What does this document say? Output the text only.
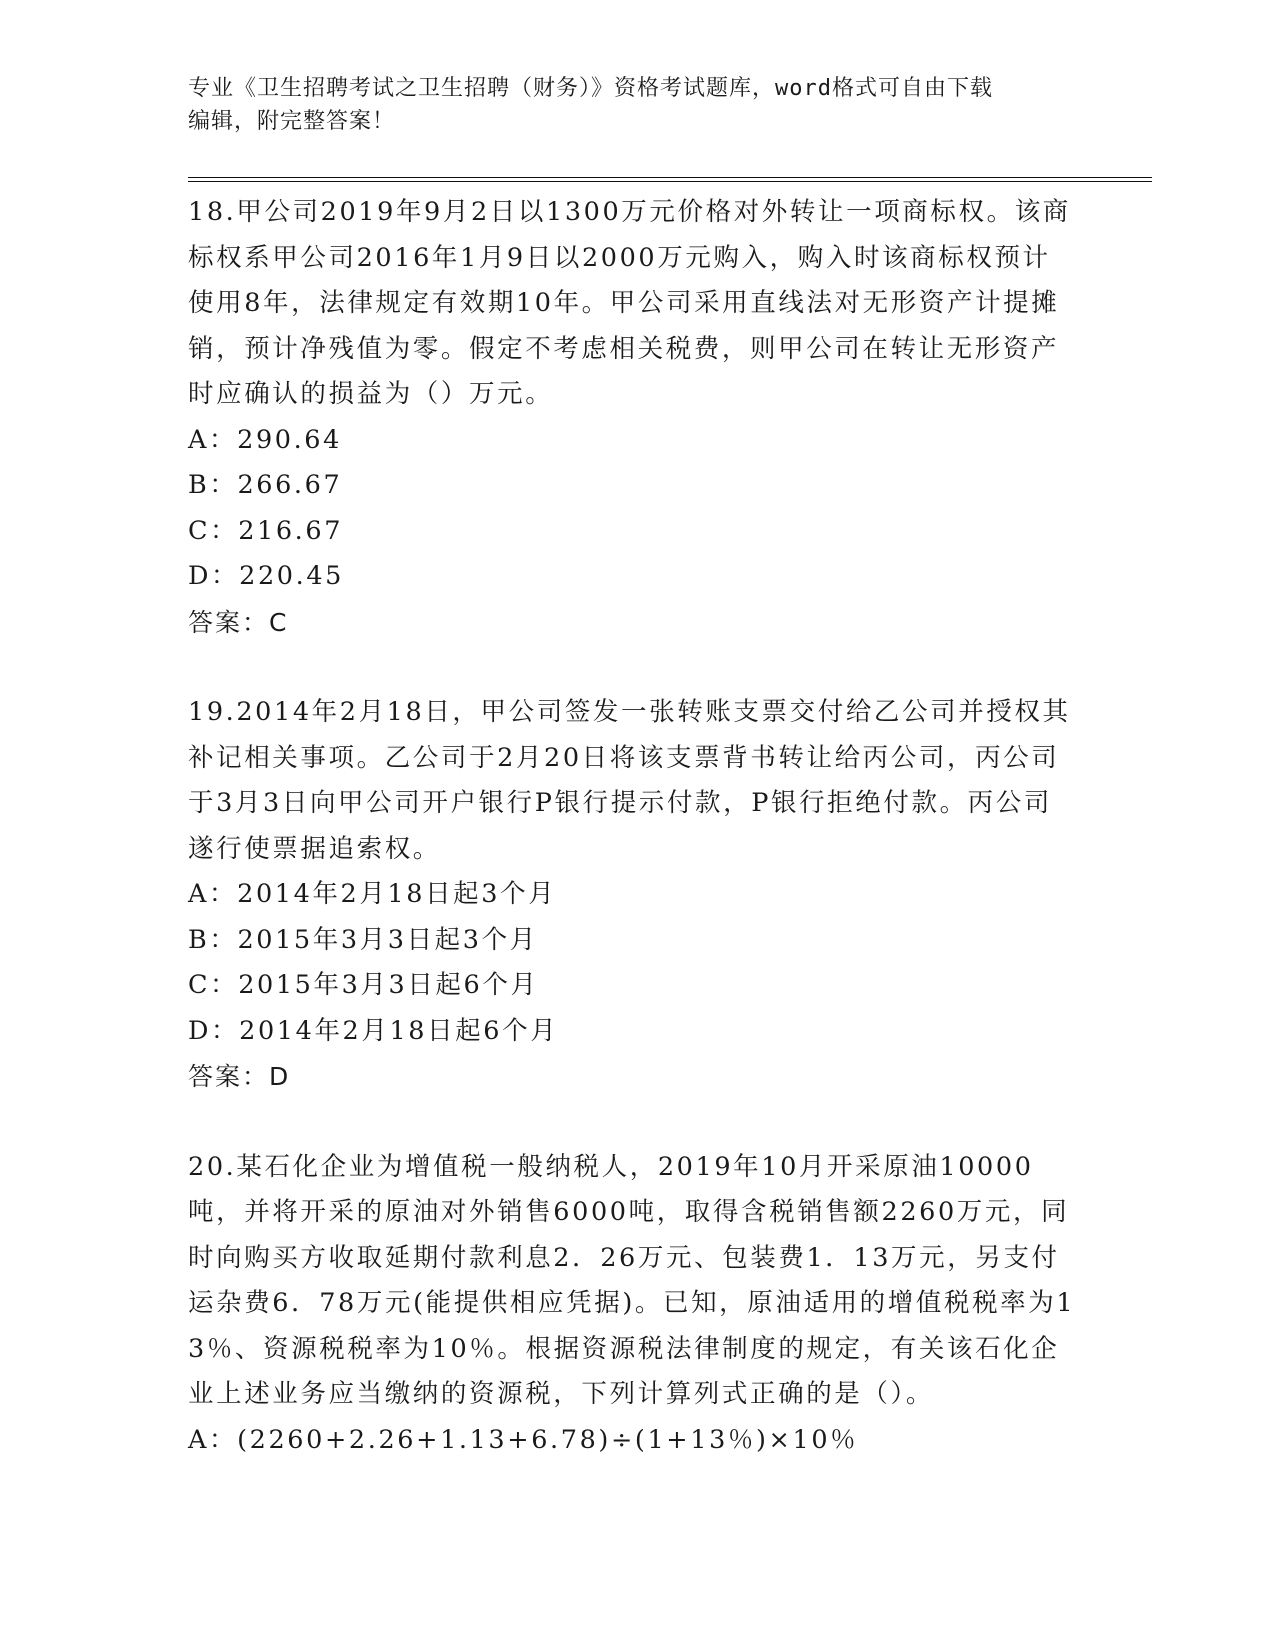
专业《卫生招聘考试之卫生招聘（财务）》资格考试题库，word格式可自由下载
编辑，附完整答案！

18.甲公司2019年9月2日以1300万元价格对外转让一项商标权。该商标权系甲公司2016年1月9日以2000万元购入，购入时该商标权预计使用8年，法律规定有效期10年。甲公司采用直线法对无形资产计提摊销，预计净残值为零。假定不考虑相关税费，则甲公司在转让无形资产时应确认的损益为（）万元。

A：290.64

B：266.67

C：216.67

D：220.45

答案：C

19.2014年2月18日，甲公司签发一张转账支票交付给乙公司并授权其补记相关事项。乙公司于2月20日将该支票背书转让给丙公司，丙公司于3月3日向甲公司开户银行P银行提示付款，P银行拒绝付款。丙公司遂行使票据追索权。

A：2014年2月18日起3个月

B：2015年3月3日起3个月

C：2015年3月3日起6个月

D：2014年2月18日起6个月

答案：D

20.某石化企业为增值税一般纳税人，2019年10月开采原油10000吨，并将开采的原油对外销售6000吨，取得含税销售额2260万元，同时向购买方收取延期付款利息2．26万元、包装费1．13万元，另支付运杂费6．78万元(能提供相应凭据)。已知，原油适用的增值税税率为13％、资源税税率为10％。根据资源税法律制度的规定，有关该石化企业上述业务应当缴纳的资源税，下列计算列式正确的是（）。

A：(2260+2.26+1.13+6.78)÷(1+13％)×10％
